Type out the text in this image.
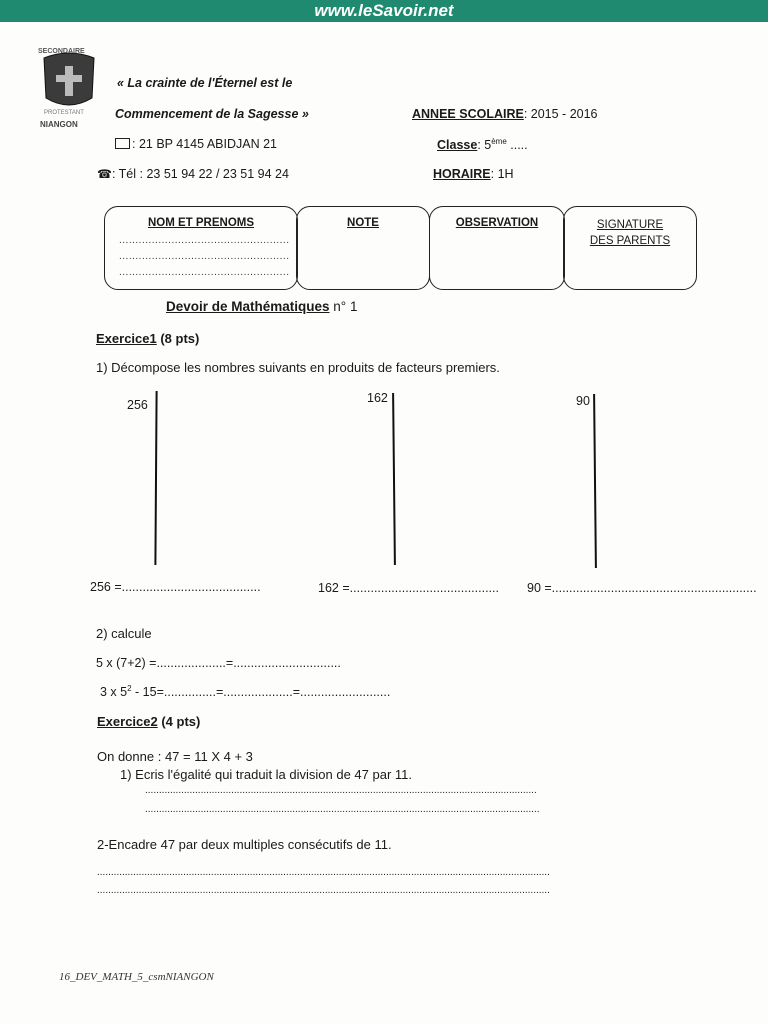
www.leSavoir.net
SECONDAIRE
PROTESTANT
NIANGON
« La crainte de l'Éternel est le
Commencement de la Sagesse »
: 21 BP 4145 ABIDJAN 21
☎: Tél : 23 51 94 22 / 23 51 94 24
ANNEE SCOLAIRE: 2015 - 2016
Classe: 5ème .....
HORAIRE: 1H
NOM ET PRENOMS
....................................................
....................................................
....................................................
NOTE	OBSERVATION	SIGNATURE DES PARENTS
Devoir de Mathématiques n° 1
Exercice1 (8 pts)
1) Décompose les nombres suivants en produits de facteurs premiers.
256	162	90
256 =........................................	162 =........................................... 90 =...........................................................
2) calcule
5 x (7+2) =....................=...............................
3 x $5^2 - 15=...............=....................=$..........................
Exercice2 (4 pts)
On donne : 47 = 11 X 4 + 3
1) Ecris l'égalité qui traduit la division de 47 par 11.
.............................................................................................................................................
..............................................................................................................................................
2-Encadre 47 par deux multiples consécutifs de 11.
...................................................................................................................................................................
...................................................................................................................................................................
16_DEV_MATH_5_csmNIANGON
